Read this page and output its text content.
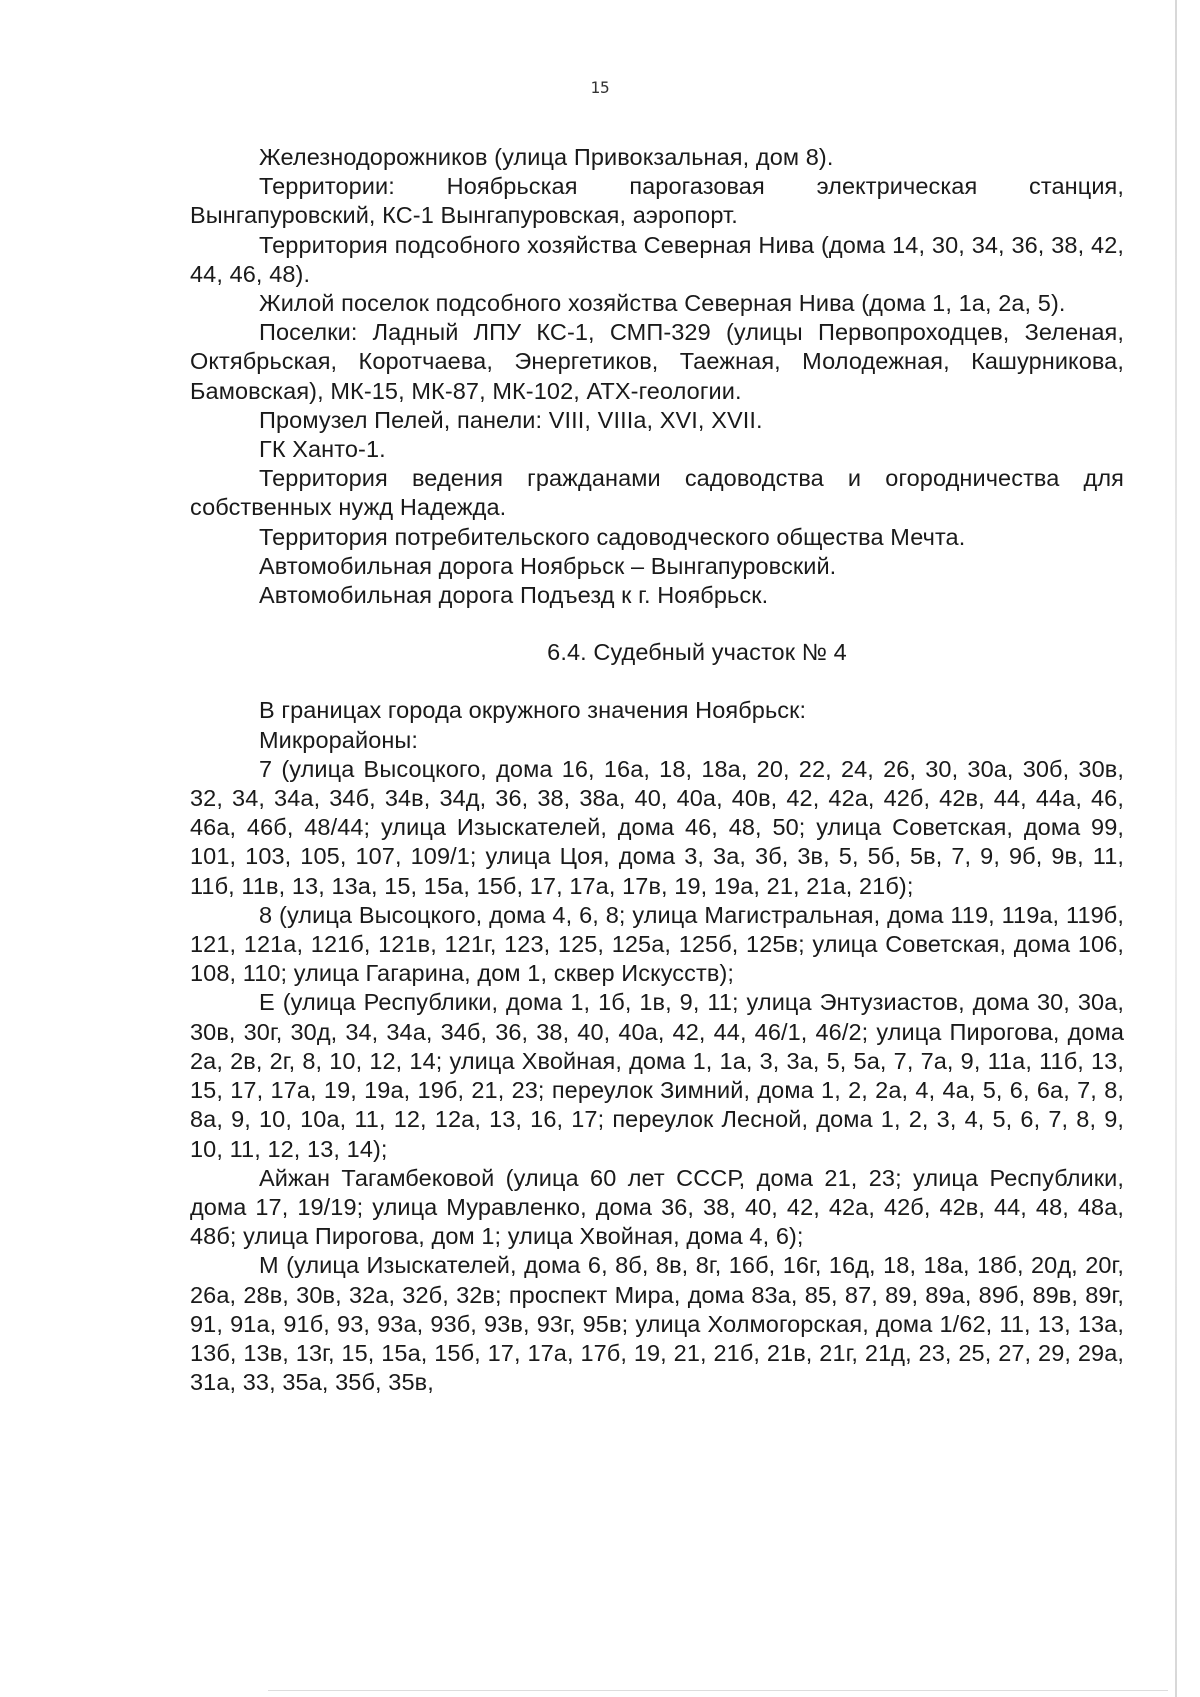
15

Железнодорожников (улица Привокзальная, дом 8).

Территории: Ноябрьская парогазовая электрическая станция, Вынгапуровский, КС-1 Вынгапуровская, аэропорт.

Территория подсобного хозяйства Северная Нива (дома 14, 30, 34, 36, 38, 42, 44, 46, 48).

Жилой поселок подсобного хозяйства Северная Нива (дома 1, 1а, 2а, 5).

Поселки: Ладный ЛПУ КС-1, СМП-329 (улицы Первопроходцев, Зеленая, Октябрьская, Коротчаева, Энергетиков, Таежная, Молодежная, Кашурникова, Бамовская), МК-15, МК-87, МК-102, АТХ-геологии.

Промузел Пелей, панели: VIII, VIIIа, XVI, XVII.

ГК Ханто-1.

Территория ведения гражданами садоводства и огородничества для собственных нужд Надежда.

Территория потребительского садоводческого общества Мечта.

Автомобильная дорога Ноябрьск – Вынгапуровский.

Автомобильная дорога Подъезд к г. Ноябрьск.

6.4. Судебный участок № 4

В границах города окружного значения Ноябрьск:

Микрорайоны:

7 (улица Высоцкого, дома 16, 16а, 18, 18а, 20, 22, 24, 26, 30, 30а, 30б, 30в, 32, 34, 34а, 34б, 34в, 34д, 36, 38, 38а, 40, 40а, 40в, 42, 42а, 42б, 42в, 44, 44а, 46, 46а, 46б, 48/44; улица Изыскателей, дома 46, 48, 50; улица Советская, дома 99, 101, 103, 105, 107, 109/1; улица Цоя, дома 3, 3а, 3б, 3в, 5, 5б, 5в, 7, 9, 9б, 9в, 11, 11б, 11в, 13, 13а, 15, 15а, 15б, 17, 17а, 17в, 19, 19а, 21, 21а, 21б);

8 (улица Высоцкого, дома 4, 6, 8; улица Магистральная, дома 119, 119а, 119б, 121, 121а, 121б, 121в, 121г, 123, 125, 125а, 125б, 125в; улица Советская, дома 106, 108, 110; улица Гагарина, дом 1, сквер Искусств);

Е (улица Республики, дома 1, 1б, 1в, 9, 11; улица Энтузиастов, дома 30, 30а, 30в, 30г, 30д, 34, 34а, 34б, 36, 38, 40, 40а, 42, 44, 46/1, 46/2; улица Пирогова, дома 2а, 2в, 2г, 8, 10, 12, 14; улица Хвойная, дома 1, 1а, 3, 3а, 5, 5а, 7, 7а, 9, 11а, 11б, 13, 15, 17, 17а, 19, 19а, 19б, 21, 23; переулок Зимний, дома 1, 2, 2а, 4, 4а, 5, 6, 6а, 7, 8, 8а, 9, 10, 10а, 11, 12, 12а, 13, 16, 17; переулок Лесной, дома 1, 2, 3, 4, 5, 6, 7, 8, 9, 10, 11, 12, 13, 14);

Айжан Тагамбековой (улица 60 лет СССР, дома 21, 23; улица Республики, дома 17, 19/19; улица Муравленко, дома 36, 38, 40, 42, 42а, 42б, 42в, 44, 48, 48а, 48б; улица Пирогова, дом 1; улица Хвойная, дома 4, 6);

М (улица Изыскателей, дома 6, 8б, 8в, 8г, 16б, 16г, 16д, 18, 18а, 18б, 20д, 20г, 26а, 28в, 30в, 32а, 32б, 32в; проспект Мира, дома 83а, 85, 87, 89, 89а, 89б, 89в, 89г, 91, 91а, 91б, 93, 93а, 93б, 93в, 93г, 95в; улица Холмогорская, дома 1/62, 11, 13, 13а, 13б, 13в, 13г, 15, 15а, 15б, 17, 17а, 17б, 19, 21, 21б, 21в, 21г, 21д, 23, 25, 27, 29, 29а, 31а, 33, 35а, 35б, 35в,
